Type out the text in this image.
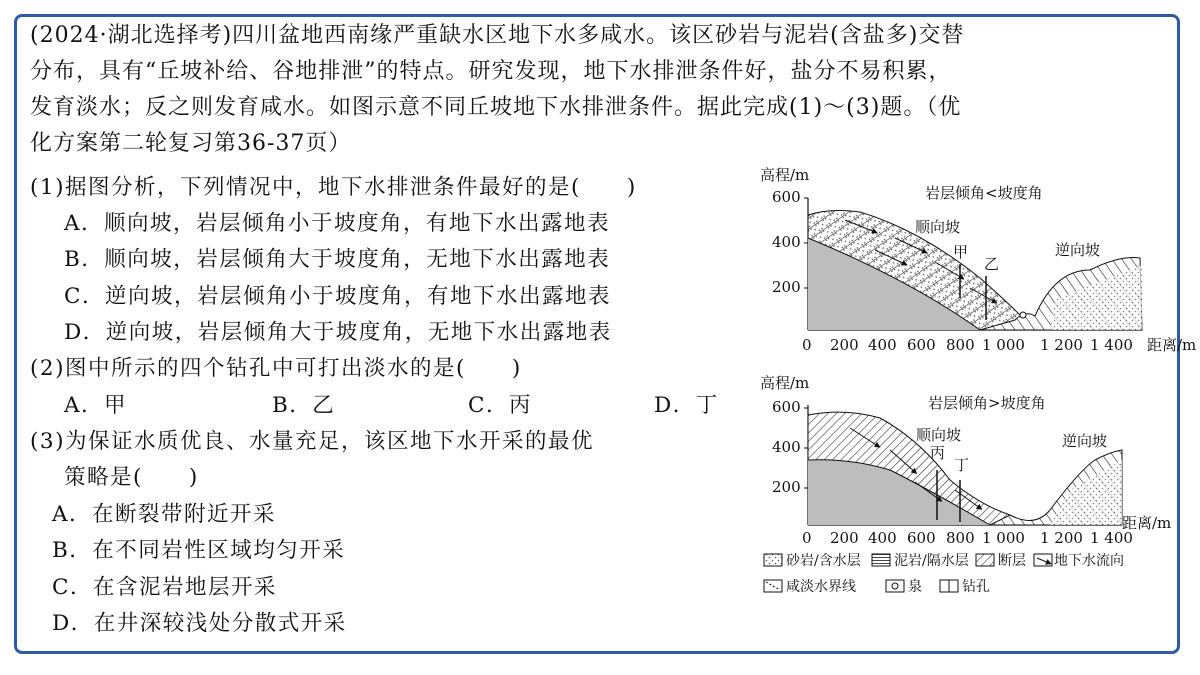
(2024·湖北选择考)四川盆地西南缘严重缺水区地下水多咸水。该区砂岩与泥岩(含盐多)交替
分布，具有“丘坡补给、谷地排泄”的特点。研究发现，地下水排泄条件好，盐分不易积累，
发育淡水；反之则发育咸水。如图示意不同丘坡地下水排泄条件。据此完成(1)～(3)题。（优
化方案第二轮复习第36-37页）
(1)据图分析，下列情况中，地下水排泄条件最好的是(　　)
A．顺向坡，岩层倾角小于坡度角，有地下水出露地表
B．顺向坡，岩层倾角大于坡度角，无地下水出露地表
C．逆向坡，岩层倾角小于坡度角，有地下水出露地表
D．逆向坡，岩层倾角大于坡度角，无地下水出露地表
(2)图中所示的四个钻孔中可打出淡水的是(　　)
A．甲	B．乙	C．丙	D．丁
(3)为保证水质优良、水量充足，该区地下水开采的最优
策略是(　　)
A．在断裂带附近开采
B．在不同岩性区域均匀开采
C．在含泥岩地层开采
D．在井深较浅处分散式开采
高程/m
岩层倾角<坡度角
600
400
200
甲
乙
顺向坡
逆向坡
0 200 400 600 800 1 000 1 200 1 400 距离/m
高程/m
岩层倾角>坡度角
600
400
200
丙
丁
顺向坡	逆向坡
0 200 400 600 800 1 000 1 200 1 400
距离/m
砂岩/含水层 泥岩/隔水层 断层 地下水流向
咸淡水界线	泉	钻孔
